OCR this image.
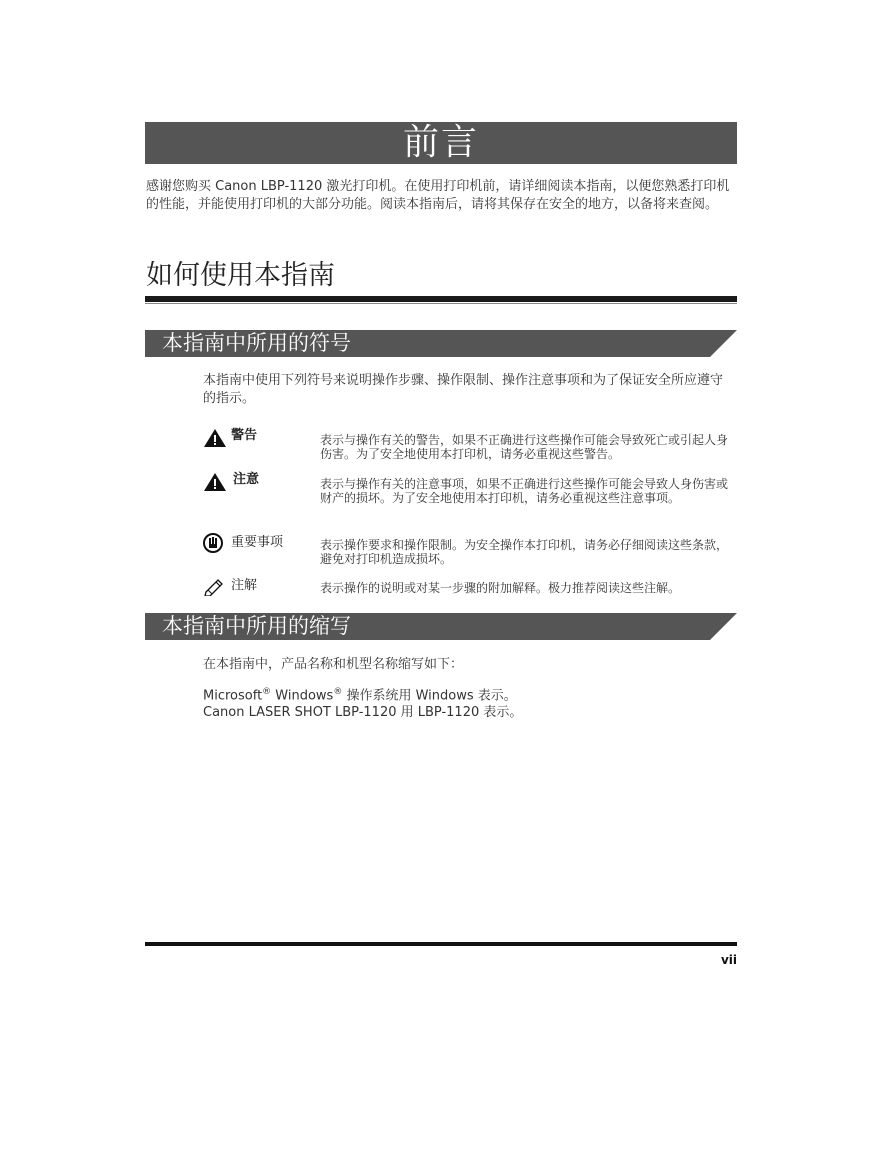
前言
感谢您购买 Canon LBP-1120 激光打印机。在使用打印机前，请详细阅读本指南，以便您熟悉打印机的性能，并能使用打印机的大部分功能。阅读本指南后，请将其保存在安全的地方，以备将来查阅。
如何使用本指南
本指南中所用的符号
本指南中使用下列符号来说明操作步骤、操作限制、操作注意事项和为了保证安全所应遵守的指示。
警告	表示与操作有关的警告，如果不正确进行这些操作可能会导致死亡或引起人身伤害。为了安全地使用本打印机，请务必重视这些警告。
注意	表示与操作有关的注意事项，如果不正确进行这些操作可能会导致人身伤害或财产的损坏。为了安全地使用本打印机，请务必重视这些注意事项。
重要事项	表示操作要求和操作限制。为安全操作本打印机，请务必仔细阅读这些条款，避免对打印机造成损坏。
注解	表示操作的说明或对某一步骤的附加解释。极力推荐阅读这些注解。
本指南中所用的缩写
在本指南中，产品名称和机型名称缩写如下：
Microsoft® Windows® 操作系统用 Windows 表示。
Canon LASER SHOT LBP-1120 用 LBP-1120 表示。
vii
